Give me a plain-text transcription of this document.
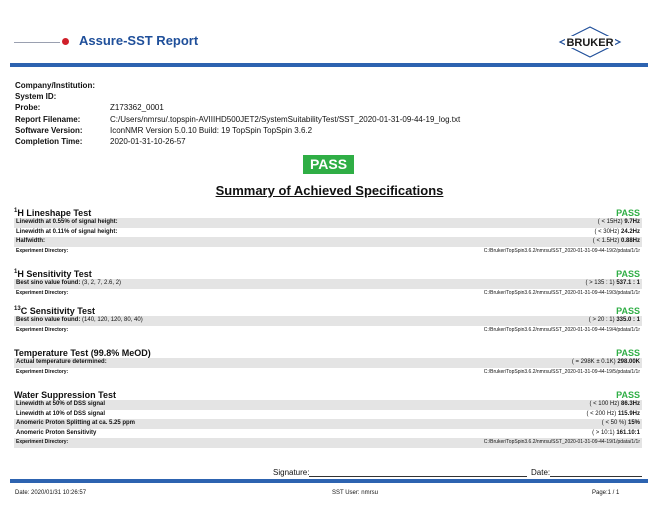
Assure-SST Report	BRUKER
Company/Institution:
System ID:
Probe:	Z173362_0001
Report Filename:	C:/Users/nmrsu/.topspin-AVIIIHD500JET2/SystemSuitabilityTest/SST_2020-01-31-09-44-19_log.txt
Software Version:	IconNMR Version 5.0.10 Build: 19 TopSpin TopSpin 3.6.2
Completion Time:	2020-01-31-10-26-57
PASS
Summary of Achieved Specifications
$^1$H Lineshape Test	PASS
Linewidth at 0.55% of signal height:	( < 15Hz) 9.7Hz
Linewidth at 0.11% of signal height:	( < 30Hz) 24.2Hz
Halfwidth:	( < 1.5Hz) 0.88Hz
Experiment Directory:	C:/Bruker/TopSpin3.6.2/nmrsu/SST_2020-01-31-09-44-19/2/pdata/1/1r
$^1$H Sensitivity Test	PASS
Best sino value found: (3, 2, 7, 2.6, 2)	( > 135 : 1) 537.1 : 1
Experiment Directory:	C:/Bruker/TopSpin3.6.2/nmrsu/SST_2020-01-31-09-44-19/3/pdata/1/1r
$^{13}$C Sensitivity Test	PASS
Best sino value found: (140, 120, 120, 80, 40)	( > 20 : 1) 335.0 : 1
Experiment Directory:	C:/Bruker/TopSpin3.6.2/nmrsu/SST_2020-01-31-09-44-19/4/pdata/1/1r
Temperature Test (99.8% MeOD)	PASS
Actual temperature determined:	( = 298K ± 0.1K) 298.00K
Experiment Directory:	C:/Bruker/TopSpin3.6.2/nmrsu/SST_2020-01-31-09-44-19/5/pdata/1/1r
Water Suppression Test	PASS
Linewidth at 50% of DSS signal	( < 100 Hz) 86.3Hz
Linewidth at 10% of DSS signal	( < 200 Hz) 115.9Hz
Anomeric Proton Splitting at ca. 5.25 ppm	( < 50 %) 15%
Anomeric Proton Sensitivity	( > 10:1) 161.10:1
Experiment Directory:	C:/Bruker/TopSpin3.6.2/nmrsu/SST_2020-01-31-09-44-19/1/pdata/1/1r
Signature:	Date:
Date: 2020/01/31 10:26:57	SST User: nmrsu	Page:1 / 1
